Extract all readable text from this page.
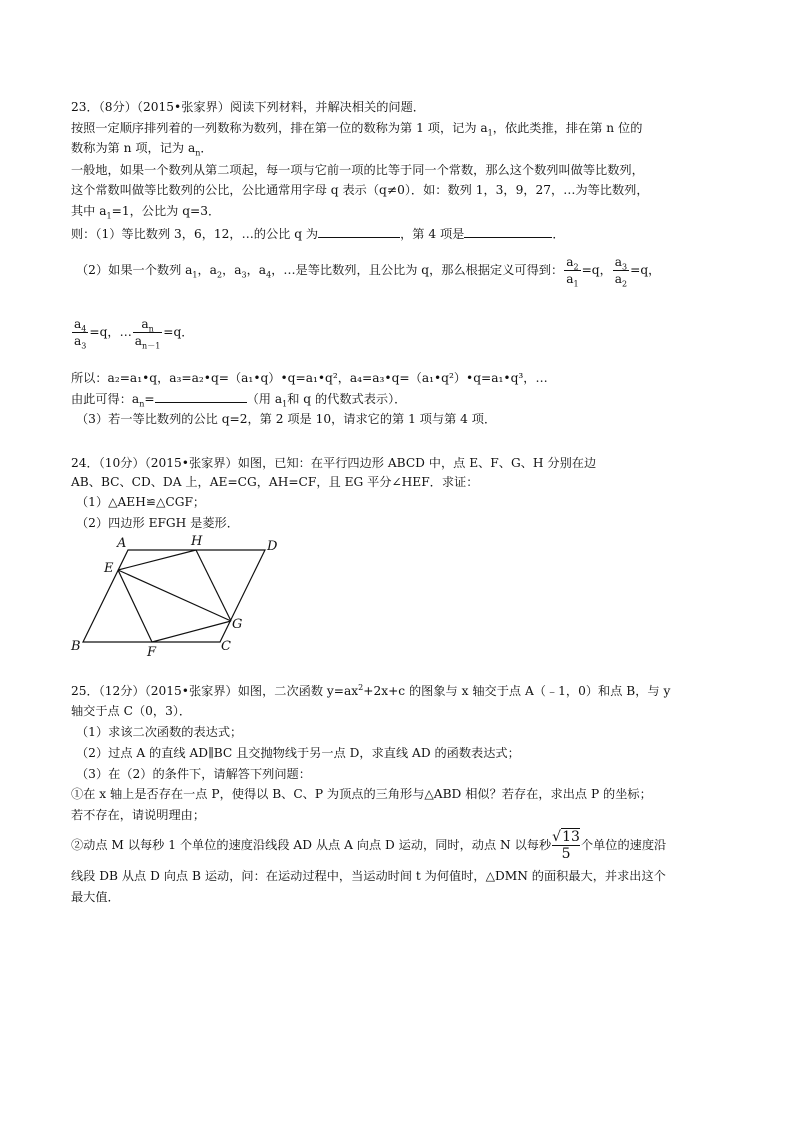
23．（8分）（2015•张家界）阅读下列材料，并解决相关的问题．
按照一定顺序排列着的一列数称为数列，排在第一位的数称为第 1 项，记为 $a_1$，依此类推，排在第 n 位的
数称为第 n 项，记为 $a_n$．
一般地，如果一个数列从第二项起，每一项与它前一项的比等于同一个常数，那么这个数列叫做等比数列，
这个常数叫做等比数列的公比，公比通常用字母 q 表示（q≠0）．如：数列 1，3，9，27，…为等比数列，
其中 $a_1=1$，公比为 q=3．
则：（1）等比数列 3，6，12，…的公比 q 为	，第 4 项是	．
（2）如果一个数列 $a_1$，$a_2$，$a_3$，$a_4$，…是等比数列，且公比为 q，那么根据定义可得到： $\frac{a_2}{a_1} =q$， $\frac{a_3}{a_2} =q$，
$\frac{a_4}{a_3} =q$，… $\frac{a_n}{a_{n-1}} =q$．
所以：a₂=a₁•q，a₃=a₂•q=（a₁•q）•q=a₁•q²，a₄=a₃•q=（a₁•q²）•q=a₁•q³，…
由此可得：$a_n=$	（用 $a_1$和 q 的代数式表示）．
（3）若一等比数列的公比 q=2，第 2 项是 10，请求它的第 1 项与第 4 项．
24．（10分）（2015•张家界）如图，已知：在平行四边形 ABCD 中，点 E、F、G、H 分别在边
AB、BC、CD、DA 上，AE=CG，AH=CF，且 EG 平分∠HEF．求证：
（1）△AEH≌△CGF；
（2）四边形 EFGH 是菱形．
A	H	D
E
G
B	F	C
25．（12分）（2015•张家界）如图，二次函数 $y=ax^2+2x+c$ 的图象与 x 轴交于点 A（﹣1，0）和点 B，与 y
轴交于点 C（0，3）．
（1）求该二次函数的表达式；
（2）过点 A 的直线 AD∥BC 且交抛物线于另一点 D，求直线 AD 的函数表达式；
（3）在（2）的条件下，请解答下列问题：
①在 x 轴上是否存在一点 P，使得以 B、C、P 为顶点的三角形与△ABD 相似？若存在，求出点 P 的坐标；
若不存在，请说明理由；
②动点 M 以每秒 1 个单位的速度沿线段 AD 从点 A 向点 D 运动，同时，动点 N 以每秒 $\frac{√13}{5}$ 个单位的速度沿
线段 DB 从点 D 向点 B 运动，问：在运动过程中，当运动时间 t 为何值时，△DMN 的面积最大，并求出这个
最大值．
